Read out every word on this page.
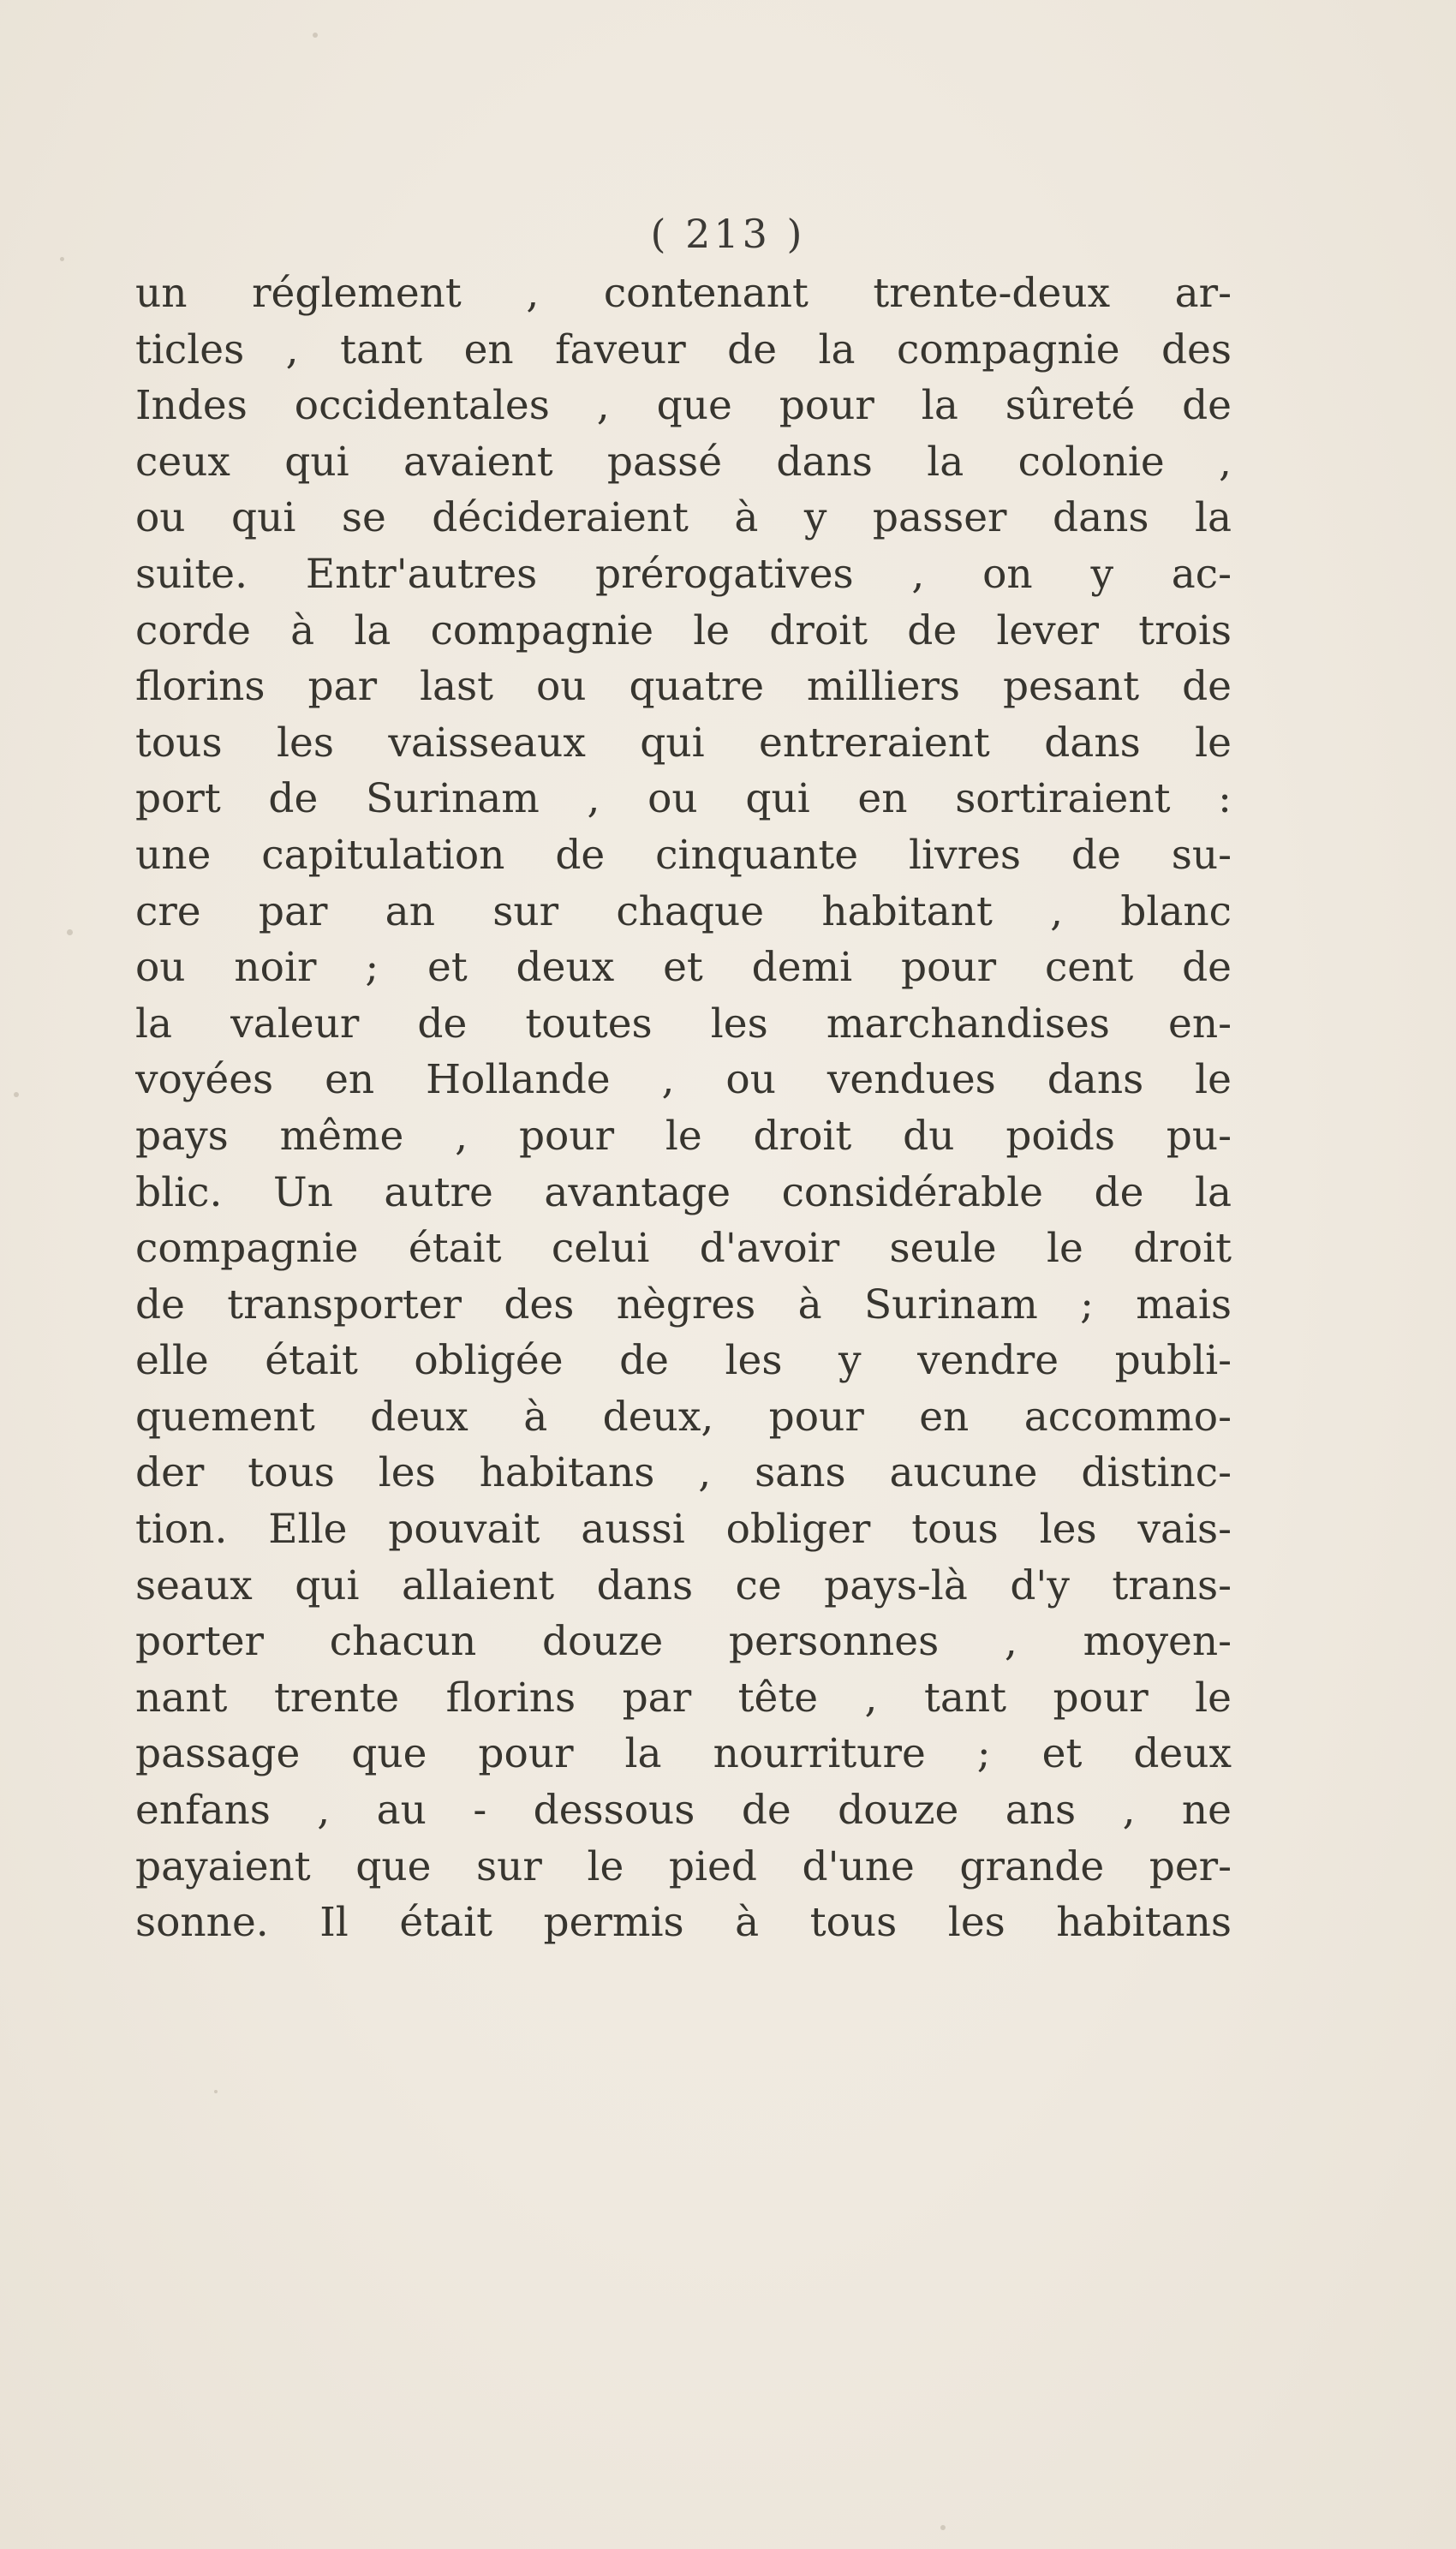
( 213 )
un réglement , contenant trente-deux ar-
ticles , tant en faveur de la compagnie des
Indes occidentales , que pour la sûreté de
ceux qui avaient passé dans la colonie ,
ou qui se décideraient à y passer dans la
suite. Entr'autres prérogatives , on y ac-
corde à la compagnie le droit de lever trois
florins par last ou quatre milliers pesant de
tous les vaisseaux qui entreraient dans le
port de Surinam , ou qui en sortiraient :
une capitulation de cinquante livres de su-
cre par an sur chaque habitant , blanc
ou noir ; et deux et demi pour cent de
la valeur de toutes les marchandises en-
voyées en Hollande , ou vendues dans le
pays même , pour le droit du poids pu-
blic. Un autre avantage considérable de la
compagnie était celui d'avoir seule le droit
de transporter des nègres à Surinam ; mais
elle était obligée de les y vendre publi-
quement deux à deux, pour en accommo-
der tous les habitans , sans aucune distinc-
tion. Elle pouvait aussi obliger tous les vais-
seaux qui allaient dans ce pays-là d'y trans-
porter chacun douze personnes , moyen-
nant trente florins par tête , tant pour le
passage que pour la nourriture ; et deux
enfans , au - dessous de douze ans , ne
payaient que sur le pied d'une grande per-
sonne. Il était permis à tous les habitans
